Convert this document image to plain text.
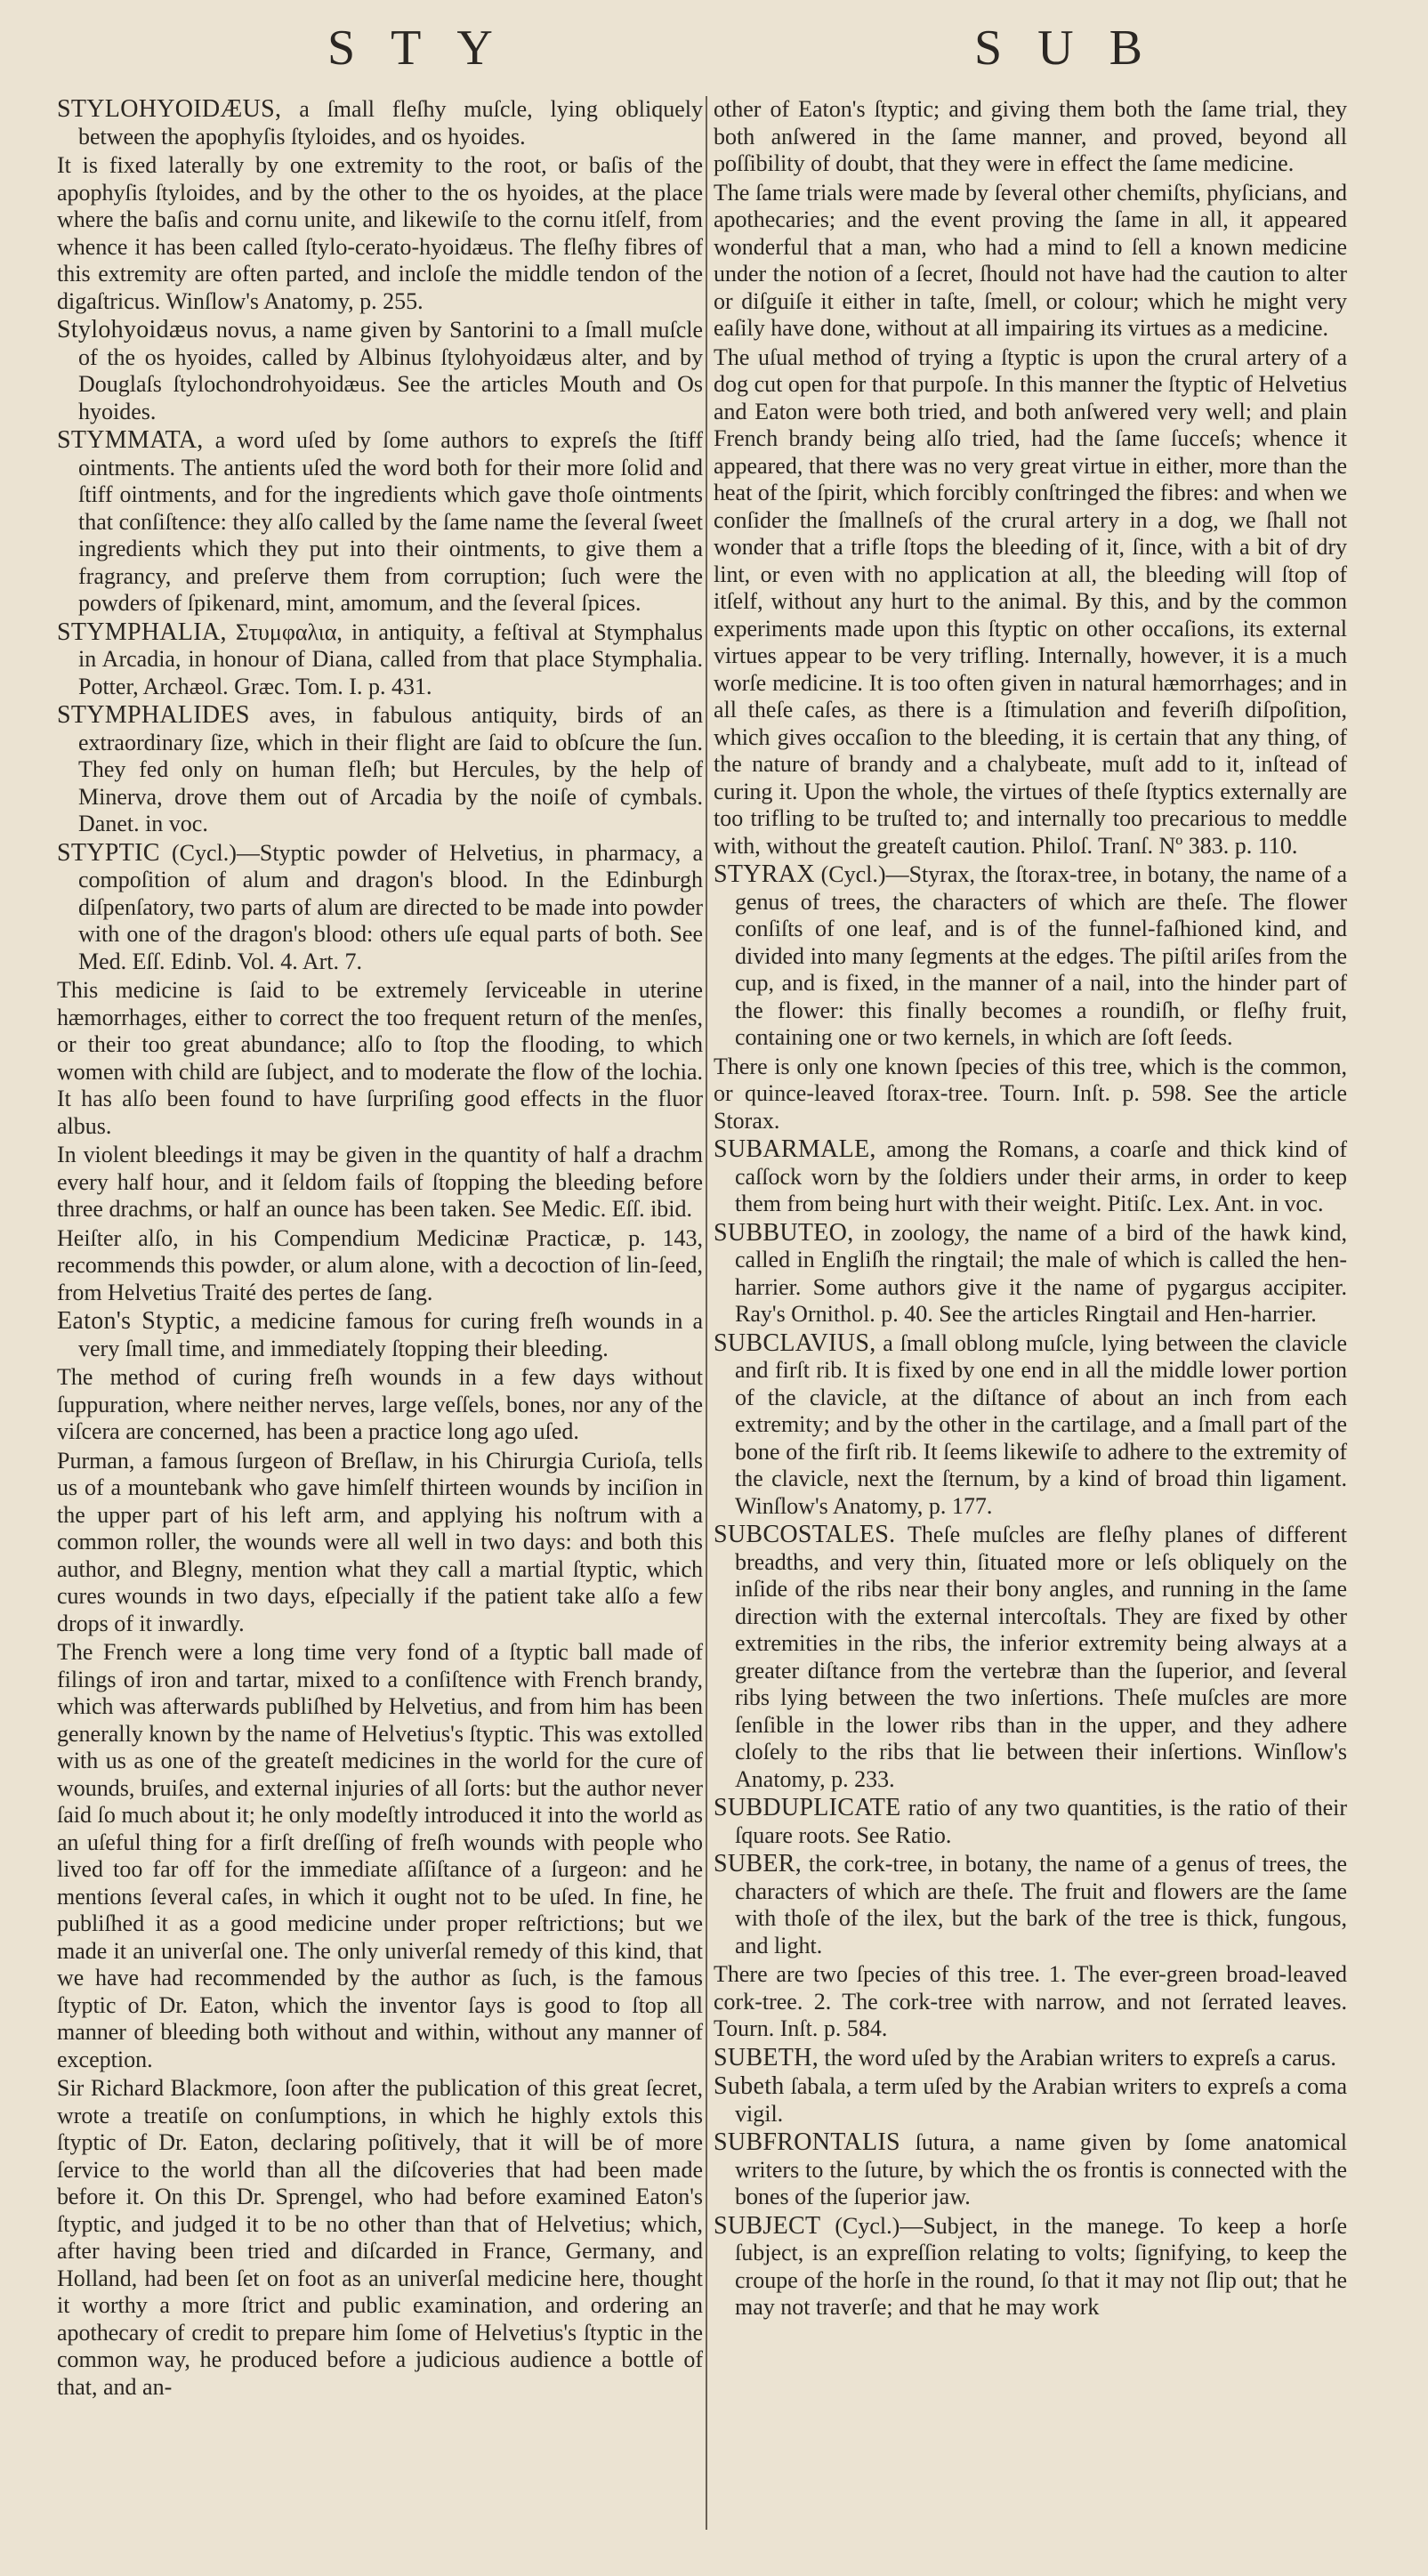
STY	SUB

STYLOHYOIDÆUS, a ſmall fleſhy muſcle, lying obliquely between the apophyſis ſtyloides, and os hyoides.

It is fixed laterally by one extremity to the root, or baſis of the apophyſis ſtyloides, and by the other to the os hyoides, at the place where the baſis and cornu unite, and likewiſe to the cornu itſelf, from whence it has been called ſtylo-cerato-hyoidæus. The fleſhy fibres of this extremity are often parted, and incloſe the middle tendon of the digaſtricus. Winſlow's Anatomy, p. 255.

Stylohyoidæus novus, a name given by Santorini to a ſmall muſcle of the os hyoides, called by Albinus ſtylohyoidæus alter, and by Douglaſs ſtylochondrohyoidæus. See the articles Mouth and Os hyoides.

STYMMATA, a word uſed by ſome authors to expreſs the ſtiff ointments. The antients uſed the word both for their more ſolid and ſtiff ointments, and for the ingredients which gave thoſe ointments that conſiſtence: they alſo called by the ſame name the ſeveral ſweet ingredients which they put into their ointments, to give them a fragrancy, and preſerve them from corruption; ſuch were the powders of ſpikenard, mint, amomum, and the ſeveral ſpices.

STYMPHALIA, Στυμφαλια, in antiquity, a feſtival at Stymphalus in Arcadia, in honour of Diana, called from that place Stymphalia. Potter, Archæol. Græc. Tom. I. p. 431.

STYMPHALIDES aves, in fabulous antiquity, birds of an extraordinary ſize, which in their flight are ſaid to obſcure the ſun. They fed only on human fleſh; but Hercules, by the help of Minerva, drove them out of Arcadia by the noiſe of cymbals. Danet. in voc.

STYPTIC (Cycl.)—Styptic powder of Helvetius, in pharmacy, a compoſition of alum and dragon's blood. In the Edinburgh diſpenſatory, two parts of alum are directed to be made into powder with one of the dragon's blood: others uſe equal parts of both. See Med. Eſſ. Edinb. Vol. 4. Art. 7.

This medicine is ſaid to be extremely ſerviceable in uterine hæmorrhages, either to correct the too frequent return of the menſes, or their too great abundance; alſo to ſtop the flooding, to which women with child are ſubject, and to moderate the flow of the lochia. It has alſo been found to have ſurpriſing good effects in the fluor albus.

In violent bleedings it may be given in the quantity of half a drachm every half hour, and it ſeldom fails of ſtopping the bleeding before three drachms, or half an ounce has been taken. See Medic. Eſſ. ibid.

Heiſter alſo, in his Compendium Medicinæ Practicæ, p. 143, recommends this powder, or alum alone, with a decoction of lin-ſeed, from Helvetius Traité des pertes de ſang.

Eaton's Styptic, a medicine famous for curing freſh wounds in a very ſmall time, and immediately ſtopping their bleeding.

The method of curing freſh wounds in a few days without ſuppuration, where neither nerves, large veſſels, bones, nor any of the viſcera are concerned, has been a practice long ago uſed.

Purman, a famous ſurgeon of Breſlaw, in his Chirurgia Curioſa, tells us of a mountebank who gave himſelf thirteen wounds by inciſion in the upper part of his left arm, and applying his noſtrum with a common roller, the wounds were all well in two days: and both this author, and Blegny, mention what they call a martial ſtyptic, which cures wounds in two days, eſpecially if the patient take alſo a few drops of it inwardly.

The French were a long time very fond of a ſtyptic ball made of filings of iron and tartar, mixed to a conſiſtence with French brandy, which was afterwards publiſhed by Helvetius, and from him has been generally known by the name of Helvetius's ſtyptic. This was extolled with us as one of the greateſt medicines in the world for the cure of wounds, bruiſes, and external injuries of all ſorts: but the author never ſaid ſo much about it; he only modeſtly introduced it into the world as an uſeful thing for a firſt dreſſing of freſh wounds with people who lived too far off for the immediate aſſiſtance of a ſurgeon: and he mentions ſeveral caſes, in which it ought not to be uſed. In fine, he publiſhed it as a good medicine under proper reſtrictions; but we made it an univerſal one. The only univerſal remedy of this kind, that we have had recommended by the author as ſuch, is the famous ſtyptic of Dr. Eaton, which the inventor ſays is good to ſtop all manner of bleeding both without and within, without any manner of exception.

Sir Richard Blackmore, ſoon after the publication of this great ſecret, wrote a treatiſe on conſumptions, in which he highly extols this ſtyptic of Dr. Eaton, declaring poſitively, that it will be of more ſervice to the world than all the diſcoveries that had been made before it. On this Dr. Sprengel, who had before examined Eaton's ſtyptic, and judged it to be no other than that of Helvetius; which, after having been tried and diſcarded in France, Germany, and Holland, had been ſet on foot as an univerſal medicine here, thought it worthy a more ſtrict and public examination, and ordering an apothecary of credit to prepare him ſome of Helvetius's ſtyptic in the common way, he produced before a judicious audience a bottle of that, and an-

other of Eaton's ſtyptic; and giving them both the ſame trial, they both anſwered in the ſame manner, and proved, beyond all poſſibility of doubt, that they were in effect the ſame medicine.

The ſame trials were made by ſeveral other chemiſts, phyſicians, and apothecaries; and the event proving the ſame in all, it appeared wonderful that a man, who had a mind to ſell a known medicine under the notion of a ſecret, ſhould not have had the caution to alter or diſguiſe it either in taſte, ſmell, or colour; which he might very eaſily have done, without at all impairing its virtues as a medicine.

The uſual method of trying a ſtyptic is upon the crural artery of a dog cut open for that purpoſe. In this manner the ſtyptic of Helvetius and Eaton were both tried, and both anſwered very well; and plain French brandy being alſo tried, had the ſame ſucceſs; whence it appeared, that there was no very great virtue in either, more than the heat of the ſpirit, which forcibly conſtringed the fibres: and when we conſider the ſmallneſs of the crural artery in a dog, we ſhall not wonder that a trifle ſtops the bleeding of it, ſince, with a bit of dry lint, or even with no application at all, the bleeding will ſtop of itſelf, without any hurt to the animal. By this, and by the common experiments made upon this ſtyptic on other occaſions, its external virtues appear to be very trifling. Internally, however, it is a much worſe medicine. It is too often given in natural hæmorrhages; and in all theſe caſes, as there is a ſtimulation and feveriſh diſpoſition, which gives occaſion to the bleeding, it is certain that any thing, of the nature of brandy and a chalybeate, muſt add to it, inſtead of curing it. Upon the whole, the virtues of theſe ſtyptics externally are too trifling to be truſted to; and internally too precarious to meddle with, without the greateſt caution. Philoſ. Tranſ. Nº 383. p. 110.

STYRAX (Cycl.)—Styrax, the ſtorax-tree, in botany, the name of a genus of trees, the characters of which are theſe. The flower conſiſts of one leaf, and is of the funnel-faſhioned kind, and divided into many ſegments at the edges. The piſtil ariſes from the cup, and is fixed, in the manner of a nail, into the hinder part of the flower: this finally becomes a roundiſh, or fleſhy fruit, containing one or two kernels, in which are ſoft ſeeds.

There is only one known ſpecies of this tree, which is the common, or quince-leaved ſtorax-tree. Tourn. Inſt. p. 598. See the article Storax.

SUBARMALE, among the Romans, a coarſe and thick kind of caſſock worn by the ſoldiers under their arms, in order to keep them from being hurt with their weight. Pitiſc. Lex. Ant. in voc.

SUBBUTEO, in zoology, the name of a bird of the hawk kind, called in Engliſh the ringtail; the male of which is called the hen-harrier. Some authors give it the name of pygargus accipiter. Ray's Ornithol. p. 40. See the articles Ringtail and Hen-harrier.

SUBCLAVIUS, a ſmall oblong muſcle, lying between the clavicle and firſt rib. It is fixed by one end in all the middle lower portion of the clavicle, at the diſtance of about an inch from each extremity; and by the other in the cartilage, and a ſmall part of the bone of the firſt rib. It ſeems likewiſe to adhere to the extremity of the clavicle, next the ſternum, by a kind of broad thin ligament. Winſlow's Anatomy, p. 177.

SUBCOSTALES. Theſe muſcles are fleſhy planes of different breadths, and very thin, ſituated more or leſs obliquely on the inſide of the ribs near their bony angles, and running in the ſame direction with the external intercoſtals. They are fixed by other extremities in the ribs, the inferior extremity being always at a greater diſtance from the vertebræ than the ſuperior, and ſeveral ribs lying between the two inſertions. Theſe muſcles are more ſenſible in the lower ribs than in the upper, and they adhere cloſely to the ribs that lie between their inſertions. Winſlow's Anatomy, p. 233.

SUBDUPLICATE ratio of any two quantities, is the ratio of their ſquare roots. See Ratio.

SUBER, the cork-tree, in botany, the name of a genus of trees, the characters of which are theſe. The fruit and flowers are the ſame with thoſe of the ilex, but the bark of the tree is thick, fungous, and light.

There are two ſpecies of this tree. 1. The ever-green broad-leaved cork-tree. 2. The cork-tree with narrow, and not ſerrated leaves. Tourn. Inſt. p. 584.

SUBETH, the word uſed by the Arabian writers to expreſs a carus.

Subeth ſabala, a term uſed by the Arabian writers to expreſs a coma vigil.

SUBFRONTALIS ſutura, a name given by ſome anatomical writers to the ſuture, by which the os frontis is connected with the bones of the ſuperior jaw.

SUBJECT (Cycl.)—Subject, in the manege. To keep a horſe ſubject, is an expreſſion relating to volts; ſignifying, to keep the croupe of the horſe in the round, ſo that it may not ſlip out; that he may not traverſe; and that he may work
